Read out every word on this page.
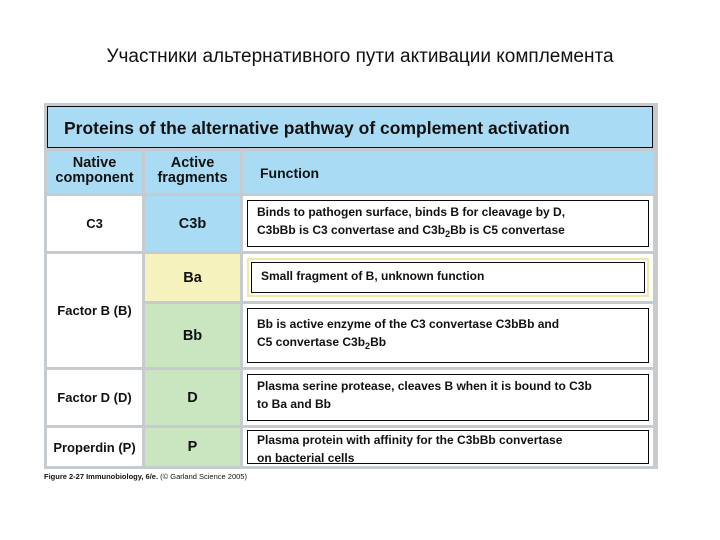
Участники альтернативного пути активации комплемента
Proteins of the alternative pathway of complement activation
Native
component
Active
fragments	Function
C3
Factor B (B)
Factor D (D)
Properdin (P)
C3b
Ba
Bb
D
P
Binds to pathogen surface, binds B for cleavage by D,
C3bBb is C3 convertase and $C3b_2Bb$ is C5 convertase
Small fragment of B, unknown function
Bb is active enzyme of the C3 convertase C3bBb and
C5 convertase $C3b_2Bb$
Plasma serine protease, cleaves B when it is bound to C3b
to Ba and Bb
Plasma protein with affinity for the C3bBb convertase
on bacterial cells
Figure 2-27 Immunobiology, 6/e. (© Garland Science 2005)
